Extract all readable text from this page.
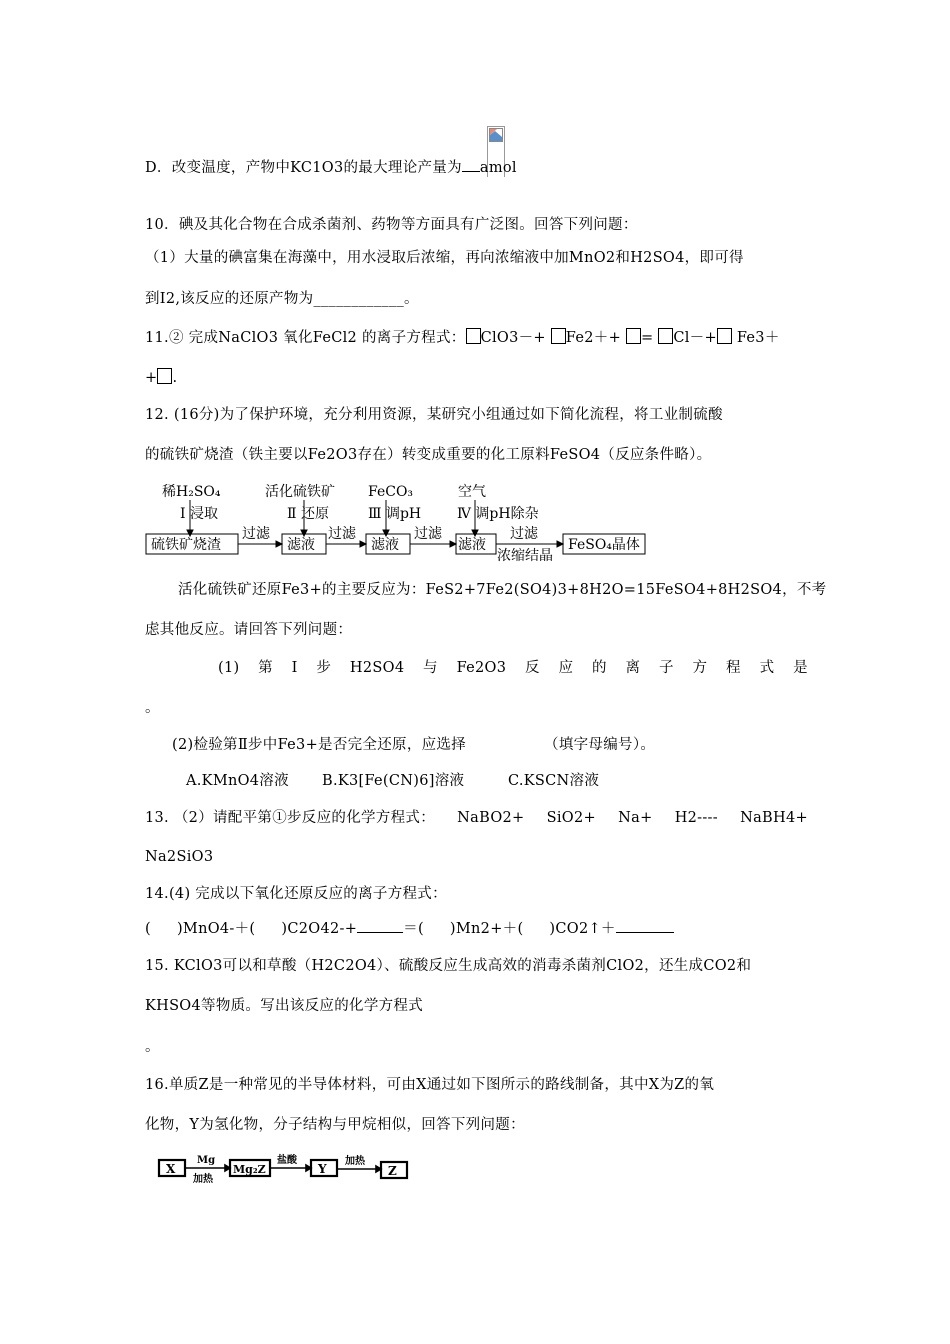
D．改变温度，产物中KC1O3的最大理论产量为 amol
10．碘及其化合物在合成杀菌剂、药物等方面具有广泛图。回答下列问题：
（1）大量的碘富集在海藻中，用水浸取后浓缩，再向浓缩液中加MnO2和H2SO4，即可得
到I2,该反应的还原产物为____________。
11.② 完成NaClO3 氧化FeCl2 的离子方程式： ClO3－+ Fe2＋+ = Cl－+ Fe3＋
+ .
12. (16分)为了保护环境，充分利用资源，某研究小组通过如下简化流程，将工业制硫酸
的硫铁矿烧渣（铁主要以Fe2O3存在）转变成重要的化工原料FeSO4（反应条件略）。
稀H₂SO₄	活化硫铁矿 FeCO₃	空气
Ⅰ 浸取	Ⅱ 还原	Ⅲ 调pH	Ⅳ 调pH除杂
硫铁矿烧渣	滤液	滤液	滤液	FeSO₄晶体
过滤	过滤	过滤	过滤
浓缩结晶
活化硫铁矿还原Fe3+的主要反应为：FeS2+7Fe2(SO4)3+8H2O=15FeSO4+8H2SO4，不考
虑其他反应。请回答下列问题：
(1) 第 Ⅰ 步 H2SO4 与 Fe2O3 反 应 的 离 子 方 程 式 是
。
(2)检验第Ⅱ步中Fe3+是否完全还原，应选择	（填字母编号）。
A.KMnO4溶液 B.K3[Fe(CN)6]溶液	C.KSCN溶液
13. （2）请配平第①步反应的化学方程式： NaBO2+ SiO2+ Na+ H2---- NaBH4+
Na2SiO3
14.(4) 完成以下氧化还原反应的离子方程式：
( )MnO4-＋( )C2O42-+	＝( )Mn2+＋( )CO2↑＋
15. KClO3可以和草酸（H2C2O4）、硫酸反应生成高效的消毒杀菌剂ClO2，还生成CO2和
KHSO4等物质。写出该反应的化学方程式
。
16.单质Z是一种常见的半导体材料，可由X通过如下图所示的路线制备，其中X为Z的氧
化物，Y为氢化物，分子结构与甲烷相似，回答下列问题：
X	Mg₂Z	Y	Z
Mg
加热
盐酸	加热
